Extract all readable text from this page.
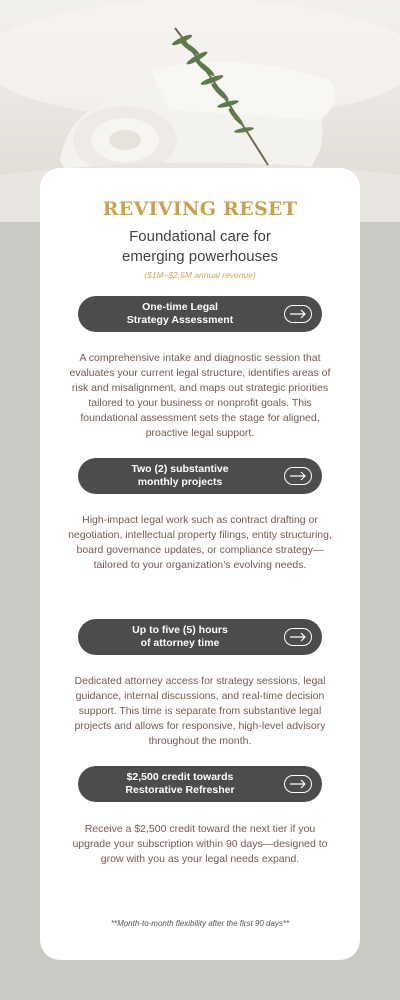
REVIVING RESET
Foundational care for
emerging powerhouses
($1M–$2.5M annual revenue)
One-time Legal
Strategy Assessment
A comprehensive intake and diagnostic session that evaluates your current legal structure, identifies areas of risk and misalignment, and maps out strategic priorities tailored to your business or nonprofit goals. This foundational assessment sets the stage for aligned, proactive legal support.
Two (2) substantive
monthly projects
High-impact legal work such as contract drafting or negotiation, intellectual property filings, entity structuring, board governance updates, or compliance strategy—tailored to your organization’s evolving needs.
Up to five (5) hours
of attorney time
Dedicated attorney access for strategy sessions, legal guidance, internal discussions, and real-time decision support. This time is separate from substantive legal projects and allows for responsive, high-level advisory throughout the month.
$2,500 credit towards
Restorative Refresher
Receive a $2,500 credit toward the next tier if you upgrade your subscription within 90 days—designed to grow with you as your legal needs expand.
**Month-to-month flexibility after the first 90 days**
